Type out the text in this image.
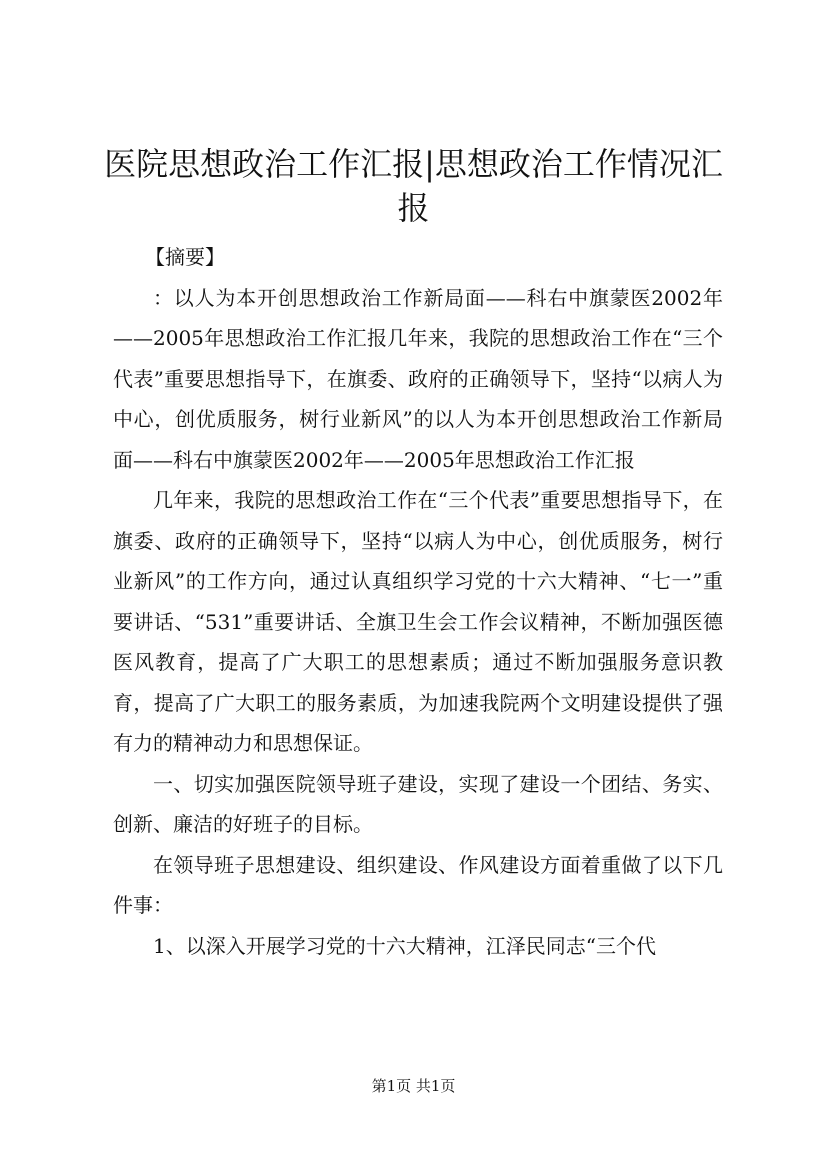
医院思想政治工作汇报|思想政治工作情况汇
报

【摘要】

：以人为本开创思想政治工作新局面——科右中旗蒙医2002年——2005年思想政治工作汇报几年来，我院的思想政治工作在“三个代表”重要思想指导下，在旗委、政府的正确领导下，坚持“以病人为中心，创优质服务，树行业新风”的以人为本开创思想政治工作新局面——科右中旗蒙医2002年——2005年思想政治工作汇报

几年来，我院的思想政治工作在“三个代表”重要思想指导下，在旗委、政府的正确领导下，坚持“以病人为中心，创优质服务，树行业新风”的工作方向，通过认真组织学习党的十六大精神、“七一”重要讲话、“531”重要讲话、全旗卫生会工作会议精神，不断加强医德医风教育，提高了广大职工的思想素质；通过不断加强服务意识教育，提高了广大职工的服务素质，为加速我院两个文明建设提供了强有力的精神动力和思想保证。

一、切实加强医院领导班子建设，实现了建设一个团结、务实、创新、廉洁的好班子的目标。

在领导班子思想建设、组织建设、作风建设方面着重做了以下几件事：

1、以深入开展学习党的十六大精神，江泽民同志“三个代

第1页 共1页
